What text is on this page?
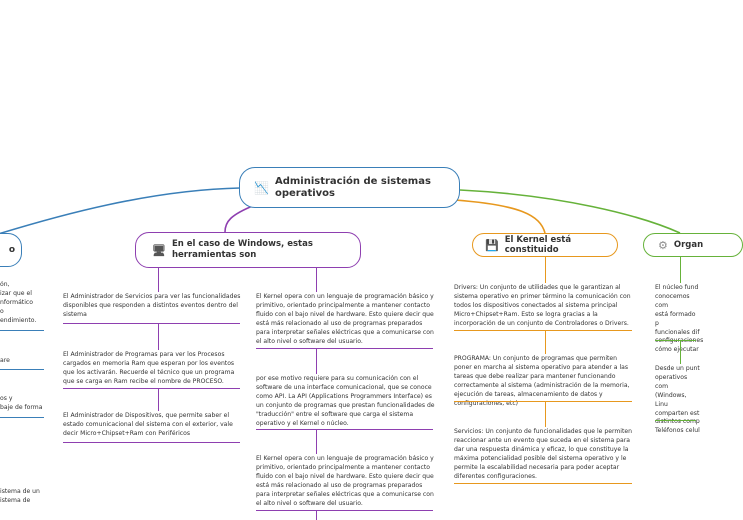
📉 Administración de sistemas operativos
o	🖥 En el caso de Windows, estas herramientas son
💾 El Kernel está constituido	⚙ Organ
ón,
izar que el
nformático
o
endimiento.
are
os y
baje de forma
istema de un
istema de
El Administrador de Servicios para ver las funcionalidades disponibles que responden a distintos eventos dentro del sistema
El Administrador de Programas para ver los Procesos cargados en memoria Ram que esperan por los eventos que los activarán. Recuerde el técnico que un programa que se carga en Ram recibe el nombre de PROCESO.
El Administrador de Dispositivos, que permite saber el estado comunicacional del sistema con el exterior, vale decir Micro+Chipset+Ram con Periféricos
El Kernel opera con un lenguaje de programación básico y primitivo, orientado principalmente a mantener contacto fluido con el bajo nivel de hardware. Esto quiere decir que está más relacionado al uso de programas preparados para interpretar señales eléctricas que a comunicarse con el alto nivel o software del usuario.
por ese motivo requiere para su comunicación con el software de una interface comunicacional, que se conoce como API. La API (Applications Programmers Interface) es un conjunto de programas que prestan funcionalidades de "traducción" entre el software que carga el sistema operativo y el Kernel o núcleo.
El Kernel opera con un lenguaje de programación básico y primitivo, orientado principalmente a mantener contacto fluido con el bajo nivel de hardware. Esto quiere decir que está más relacionado al uso de programas preparados para interpretar señales eléctricas que a comunicarse con el alto nivel o software del usuario.
Drivers: Un conjunto de utilidades que le garantizan al sistema operativo en primer término la comunicación con todos los dispositivos conectados al sistema principal Micro+Chipset+Ram. Esto se logra gracias a la incorporación de un conjunto de Controladores o Drivers.
PROGRAMA: Un conjunto de programas que permiten poner en marcha al sistema operativo para atender a las tareas que debe realizar para mantener funcionando correctamente al sistema (administración de la memoria, ejecución de tareas, almacenamiento de datos y configuraciones, etc)
Servicios: Un conjunto de funcionalidades que le permiten reaccionar ante un evento que suceda en el sistema para dar una respuesta dinámica y eficaz, lo que constituye la máxima potencialidad posible del sistema operativo y le permite la escalabilidad necesaria para poder aceptar diferentes configuraciones.
El núcleo fund
conocemos com
está formado p
funcionales dif
configuraciones
cómo ejecutar
Desde un punt
operativos com
(Windows, Linu
comparten est
distintos comp
Teléfonos celul
